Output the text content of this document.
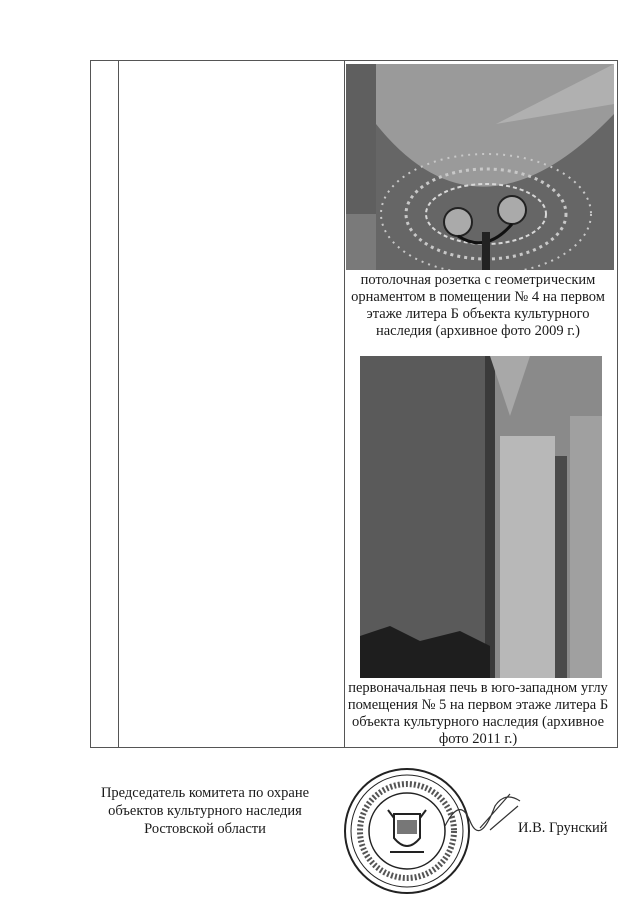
потолочная розетка с геометрическим орнаментом в помещении № 4 на первом этаже литера Б объекта культурного наследия (архивное фото 2009 г.)
первоначальная печь в юго-западном углу помещения № 5 на первом этаже литера Б объекта культурного наследия (архивное фото 2011 г.)
Председатель комитета по охране объектов культурного наследия Ростовской области	И.В. Грунский
